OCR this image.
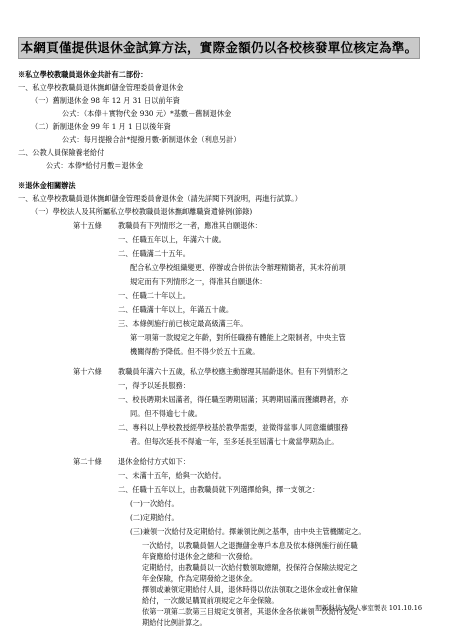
本網頁僅提供退休金試算方法，實際金額仍以各校核發單位核定為準。
※私立學校教職員退休金共計有二部份：
一、私立學校教職員退休撫卹儲金管理委員會退休金
（一）舊制退休金 98 年 12 月 31 日以前年資
公式：（本俸＋實物代金 930 元）*基數－舊制退休金
（二）新制退休金 99 年 1 月 1 日以後年資
公式：每月提撥合計*提撥月數-新制退休金（利息另計）
二、公教人員保險養老給付
公式：本俸*給付月數＝退休金
※退休金相關辦法
一、私立學校教職員退休撫卹儲金管理委員會退休金（請先詳閱下列說明，再進行試算。）
（一）學校法人及其所屬私立學校教職員退休撫卹離職資遣條例(節錄)
第十五條 教職員有下列情形之一者，應准其自願退休：
一、任職五年以上，年滿六十歲。
二、任職滿二十五年。
配合私立學校組織變更、停辦或合併依法令辦理精簡者，其未符前項
規定而有下列情形之一，得准其自願退休：
一、任職二十年以上。
二、任職滿十年以上，年滿五十歲。
三、本條例施行前已核定最高級滿三年。
第一項第一款規定之年齡，對所任職務有體能上之限制者，中央主管
機關得酌予降低。但不得少於五十五歲。
第十六條 教職員年滿六十五歲，私立學校應主動辦理其屆齡退休。但有下列情形之
一，得予以延長服務：
一、校長聘期未屆滿者，得任職至聘期屆滿；其聘期屆滿而獲續聘者，亦
同。但不得逾七十歲。
二、專科以上學校教授經學校基於教學需要，並徵得當事人同意繼續服務
者。但每次延長不得逾一年，至多延長至屆滿七十歲當學期為止。
第二十條 退休金給付方式如下：
一、未滿十五年，給與一次給付。
二、任職十五年以上，由教職員就下列選擇給與，擇一支領之：
(一)一次給付。
(二)定期給付。
(三)兼領一次給付及定期給付。擇兼領比例之基準，由中央主管機關定之。
一次給付，以教職員個人之退撫儲金專戶本息及依本條例施行前任職
年資應給付退休金之總和一次發給。
定期給付，由教職員以一次給付數領取總額，投保符合保險法規定之
年金保險，作為定期發給之退休金。
擇領或兼領定期給付人員，退休時得以依法領取之退休金或社會保險
給付，一次繳足購買前項規定之年金保險。
依第一項第二款第三目規定支領者，其退休金各依兼領一次給付及定
期給付比例計算之。
明新科技大學人事室製表 101.10.16
